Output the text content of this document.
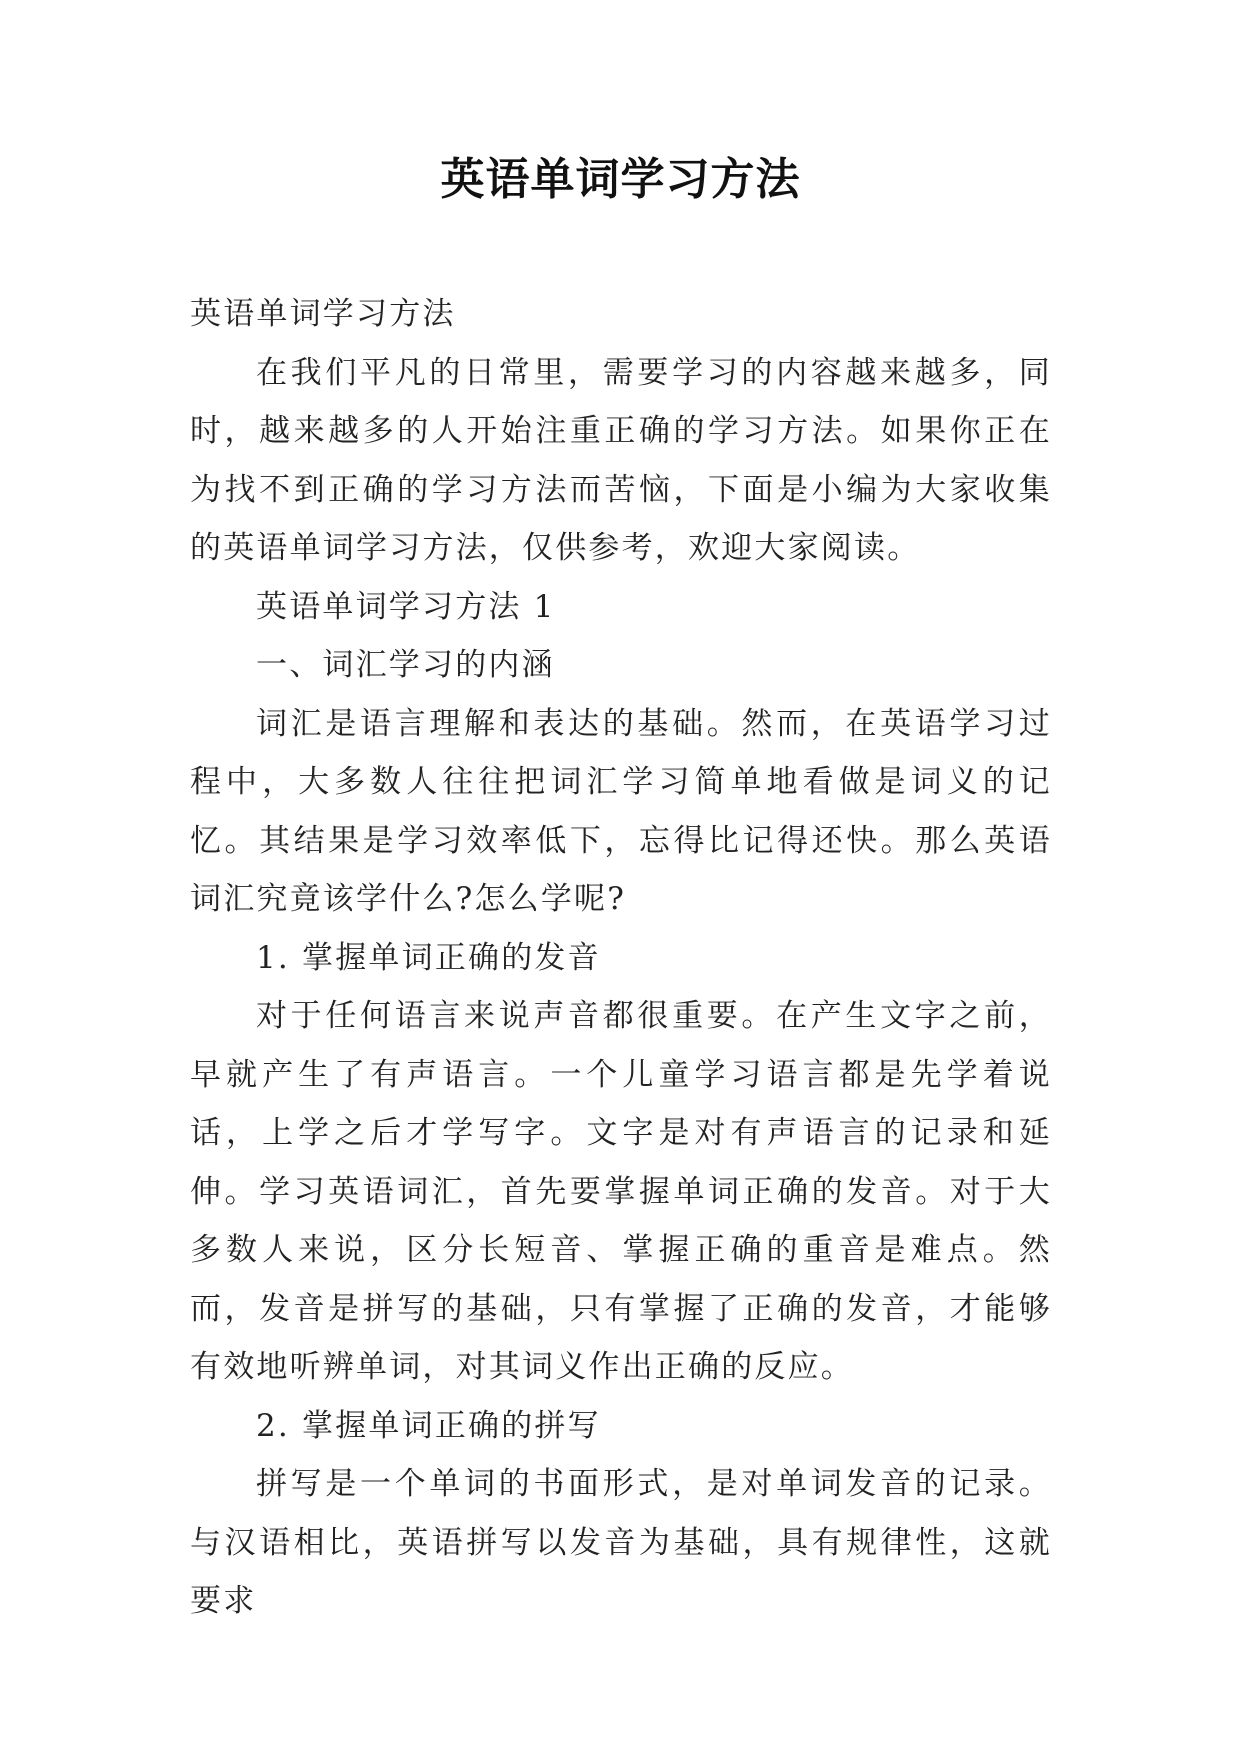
英语单词学习方法

英语单词学习方法

在我们平凡的日常里，需要学习的内容越来越多，同时，越来越多的人开始注重正确的学习方法。如果你正在为找不到正确的学习方法而苦恼，下面是小编为大家收集的英语单词学习方法，仅供参考，欢迎大家阅读。

英语单词学习方法 1

一、词汇学习的内涵

词汇是语言理解和表达的基础。然而，在英语学习过程中，大多数人往往把词汇学习简单地看做是词义的记忆。其结果是学习效率低下，忘得比记得还快。那么英语词汇究竟该学什么?怎么学呢?

1. 掌握单词正确的发音

对于任何语言来说声音都很重要。在产生文字之前，早就产生了有声语言。一个儿童学习语言都是先学着说话，上学之后才学写字。文字是对有声语言的记录和延伸。学习英语词汇，首先要掌握单词正确的发音。对于大多数人来说，区分长短音、掌握正确的重音是难点。然而，发音是拼写的基础，只有掌握了正确的发音，才能够有效地听辨单词，对其词义作出正确的反应。

2. 掌握单词正确的拼写

拼写是一个单词的书面形式，是对单词发音的记录。与汉语相比，英语拼写以发音为基础，具有规律性，这就要求
